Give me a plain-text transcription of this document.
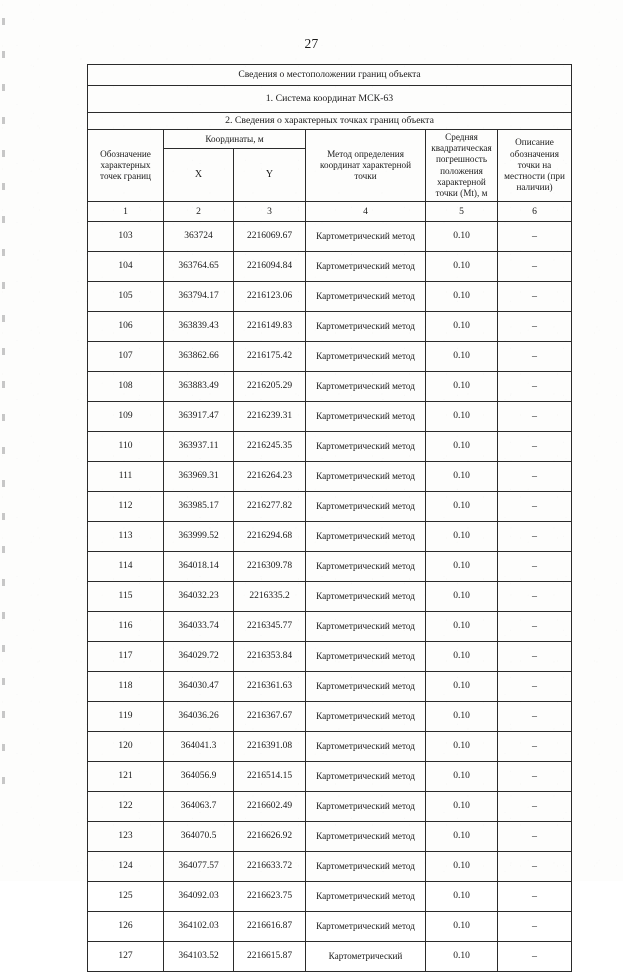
27
Сведения о местоположении границ объекта					
1. Система координат МСК-63					
2. Сведения о характерных точках границ объекта					
Обозначение характерных точек границ	Координаты, м		Метод определения координат характерной точки	Средняя квадратическая погрешность положения характерной точки (Mt), м	Описание обозначения точки на местности (при наличии)
	X	Y			
1	2	3	4	5	6
103	363724	2216069.67	Картометрический метод	0.10	–
104	363764.65	2216094.84	Картометрический метод	0.10	–
105	363794.17	2216123.06	Картометрический метод	0.10	–
106	363839.43	2216149.83	Картометрический метод	0.10	–
107	363862.66	2216175.42	Картометрический метод	0.10	–
108	363883.49	2216205.29	Картометрический метод	0.10	–
109	363917.47	2216239.31	Картометрический метод	0.10	–
110	363937.11	2216245.35	Картометрический метод	0.10	–
111	363969.31	2216264.23	Картометрический метод	0.10	–
112	363985.17	2216277.82	Картометрический метод	0.10	–
113	363999.52	2216294.68	Картометрический метод	0.10	–
114	364018.14	2216309.78	Картометрический метод	0.10	–
115	364032.23	2216335.2	Картометрический метод	0.10	–
116	364033.74	2216345.77	Картометрический метод	0.10	–
117	364029.72	2216353.84	Картометрический метод	0.10	–
118	364030.47	2216361.63	Картометрический метод	0.10	–
119	364036.26	2216367.67	Картометрический метод	0.10	–
120	364041.3	2216391.08	Картометрический метод	0.10	–
121	364056.9	2216514.15	Картометрический метод	0.10	–
122	364063.7	2216602.49	Картометрический метод	0.10	–
123	364070.5	2216626.92	Картометрический метод	0.10	–
124	364077.57	2216633.72	Картометрический метод	0.10	–
125	364092.03	2216623.75	Картометрический метод	0.10	–
126	364102.03	2216616.87	Картометрический метод	0.10	–
127	364103.52	2216615.87	Картометрический	0.10	–
